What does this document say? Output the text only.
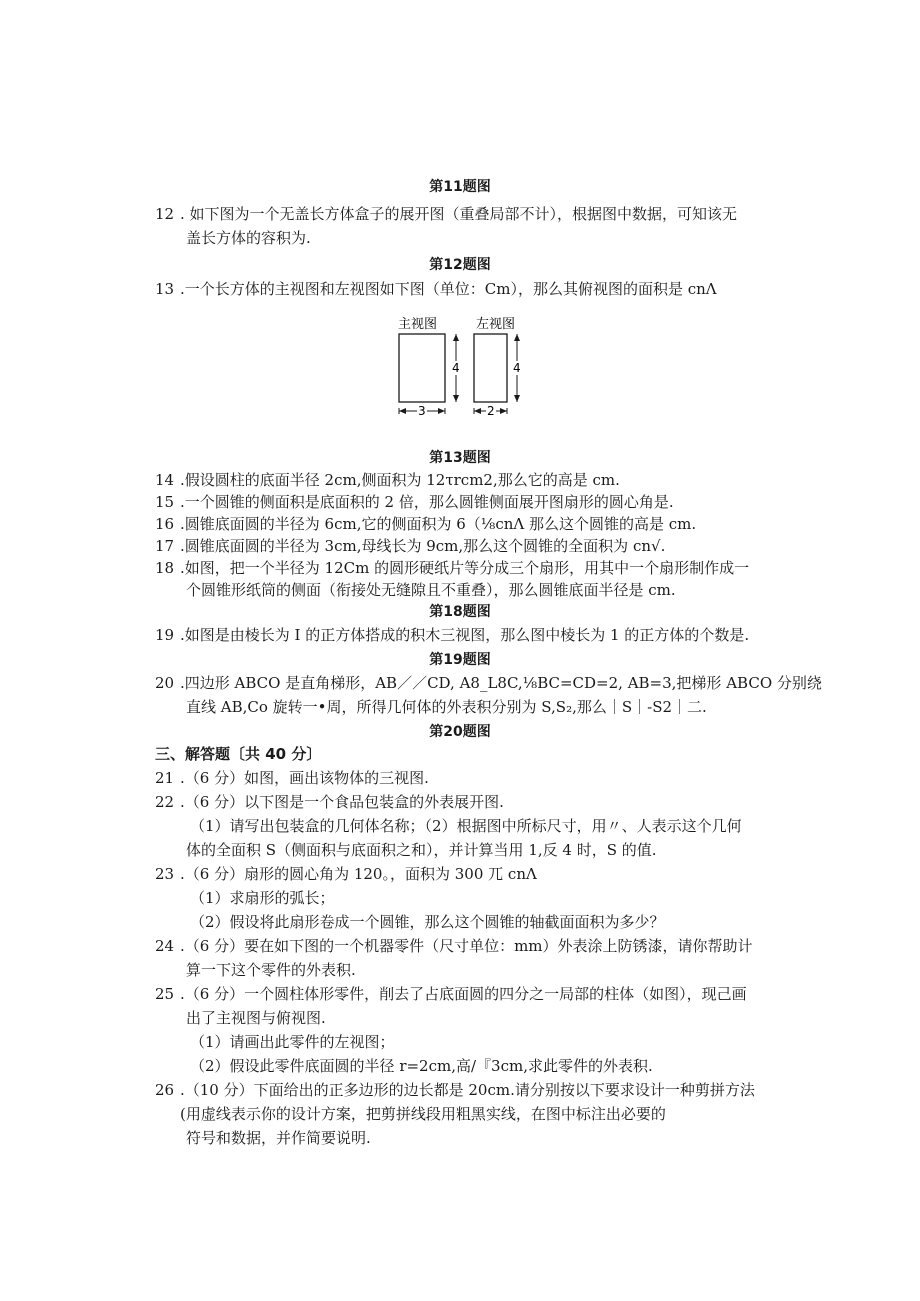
第11题图
12 . 如下图为一个无盖长方体盒子的展开图（重叠局部不计），根据图中数据，可知该无
盖长方体的容积为.
第12题图
13 .一个长方体的主视图和左视图如下图（单位：Cm），那么其俯视图的面积是 cnΛ
主视图	左视图
4
3
4
2
第13题图
14 .假设圆柱的底面半径 2cm,侧面积为 12τrcm2,那么它的高是 cm.
15 .一个圆锥的侧面积是底面积的 2 倍，那么圆锥侧面展开图扇形的圆心角是.
16 .圆锥底面圆的半径为 6cm,它的侧面积为 6（⅛cnΛ 那么这个圆锥的高是 cm.
17 .圆锥底面圆的半径为 3cm,母线长为 9cm,那么这个圆锥的全面积为 cn√.
18 .如图，把一个半径为 12Cm 的圆形硬纸片等分成三个扇形，用其中一个扇形制作成一
个圆锥形纸筒的侧面（衔接处无缝隙且不重叠），那么圆锥底面半径是 cm.
第18题图
19 .如图是由棱长为 I 的正方体搭成的积木三视图，那么图中棱长为 1 的正方体的个数是.
第19题图
20 .四边形 ABCO 是直角梯形，AB／／CD, A8_L8C,⅛BC=CD=2, AB=3,把梯形 ABCO 分别绕
直线 AB,Co 旋转一•周，所得几何体的外表积分别为 S,S₂,那么｜S｜-S2｜二.
第20题图
三、解答题〔共 40 分〕
21 .（6 分）如图，画出该物体的三视图.
22 .（6 分）以下图是一个食品包装盒的外表展开图.
（1）请写出包装盒的几何体名称；（2）根据图中所标尺寸，用〃、人表示这个几何
体的全面积 S（侧面积与底面积之和），并计算当用 1,反 4 时，S 的值.
23 .（6 分）扇形的圆心角为 120。，面积为 300 兀 cnΛ
（1）求扇形的弧长；
（2）假设将此扇形卷成一个圆锥，那么这个圆锥的轴截面面积为多少？
24 .（6 分）要在如下图的一个机器零件（尺寸单位：mm）外表涂上防锈漆，请你帮助计
算一下这个零件的外表积.
25 .（6 分）一个圆柱体形零件，削去了占底面圆的四分之一局部的柱体（如图），现己画
出了主视图与俯视图.
（1）请画出此零件的左视图；
（2）假设此零件底面圆的半径 r=2cm,高/『3cm,求此零件的外表积.
26 .（10 分）下面给出的正多边形的边长都是 20cm.请分别按以下要求设计一种剪拼方法
(用虚线表示你的设计方案，把剪拼线段用粗黑实线，在图中标注出必要的
符号和数据，并作简要说明.
